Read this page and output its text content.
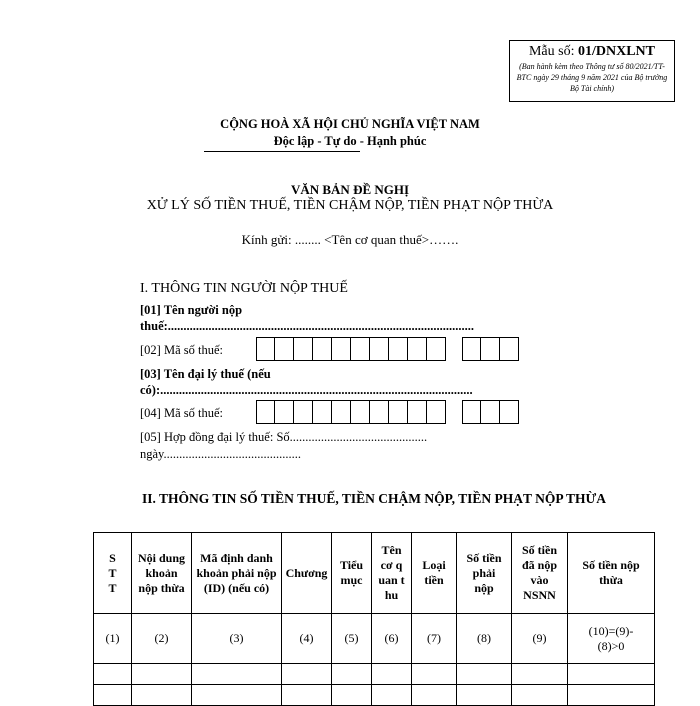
Mẫu số: 01/DNXLNT
(Ban hành kèm theo Thông tư số 80/2021/TT-BTC ngày 29 tháng 9 năm 2021 của Bộ trưởng Bộ Tài chính)
CỘNG HOÀ XÃ HỘI CHỦ NGHĨA VIỆT NAM
Độc lập - Tự do - Hạnh phúc
VĂN BẢN ĐỀ NGHỊ
XỬ LÝ SỐ TIỀN THUẾ, TIỀN CHẬM NỘP, TIỀN PHẠT NỘP THỪA
Kính gửi: ........ <Tên cơ quan thuế>…….
I. THÔNG TIN NGƯỜI NỘP THUẾ
[01] Tên người nộp
thuế:..................................................................................................
[02] Mã số thuế:
[03] Tên đại lý thuế (nếu
có):....................................................................................................
[04] Mã số thuế:
[05] Hợp đồng đại lý thuế: Số............................................
ngày............................................
II. THÔNG TIN SỐ TIỀN THUẾ, TIỀN CHẬM NỘP, TIỀN PHẠT NỘP THỪA
STT	Nội dung khoản nộp thừa	Mã định danh khoản phải nộp (ID) (nếu có)	Chương	Tiểu mục	Tên cơ quan thu	Loại tiền	Số tiền phải nộp	Số tiền đã nộp vào NSNN	Số tiền nộp thừa
(1)	(2)	(3)	(4)	(5)	(6)	(7)	(8)	(9)	(10)=(9)-(8)>0
